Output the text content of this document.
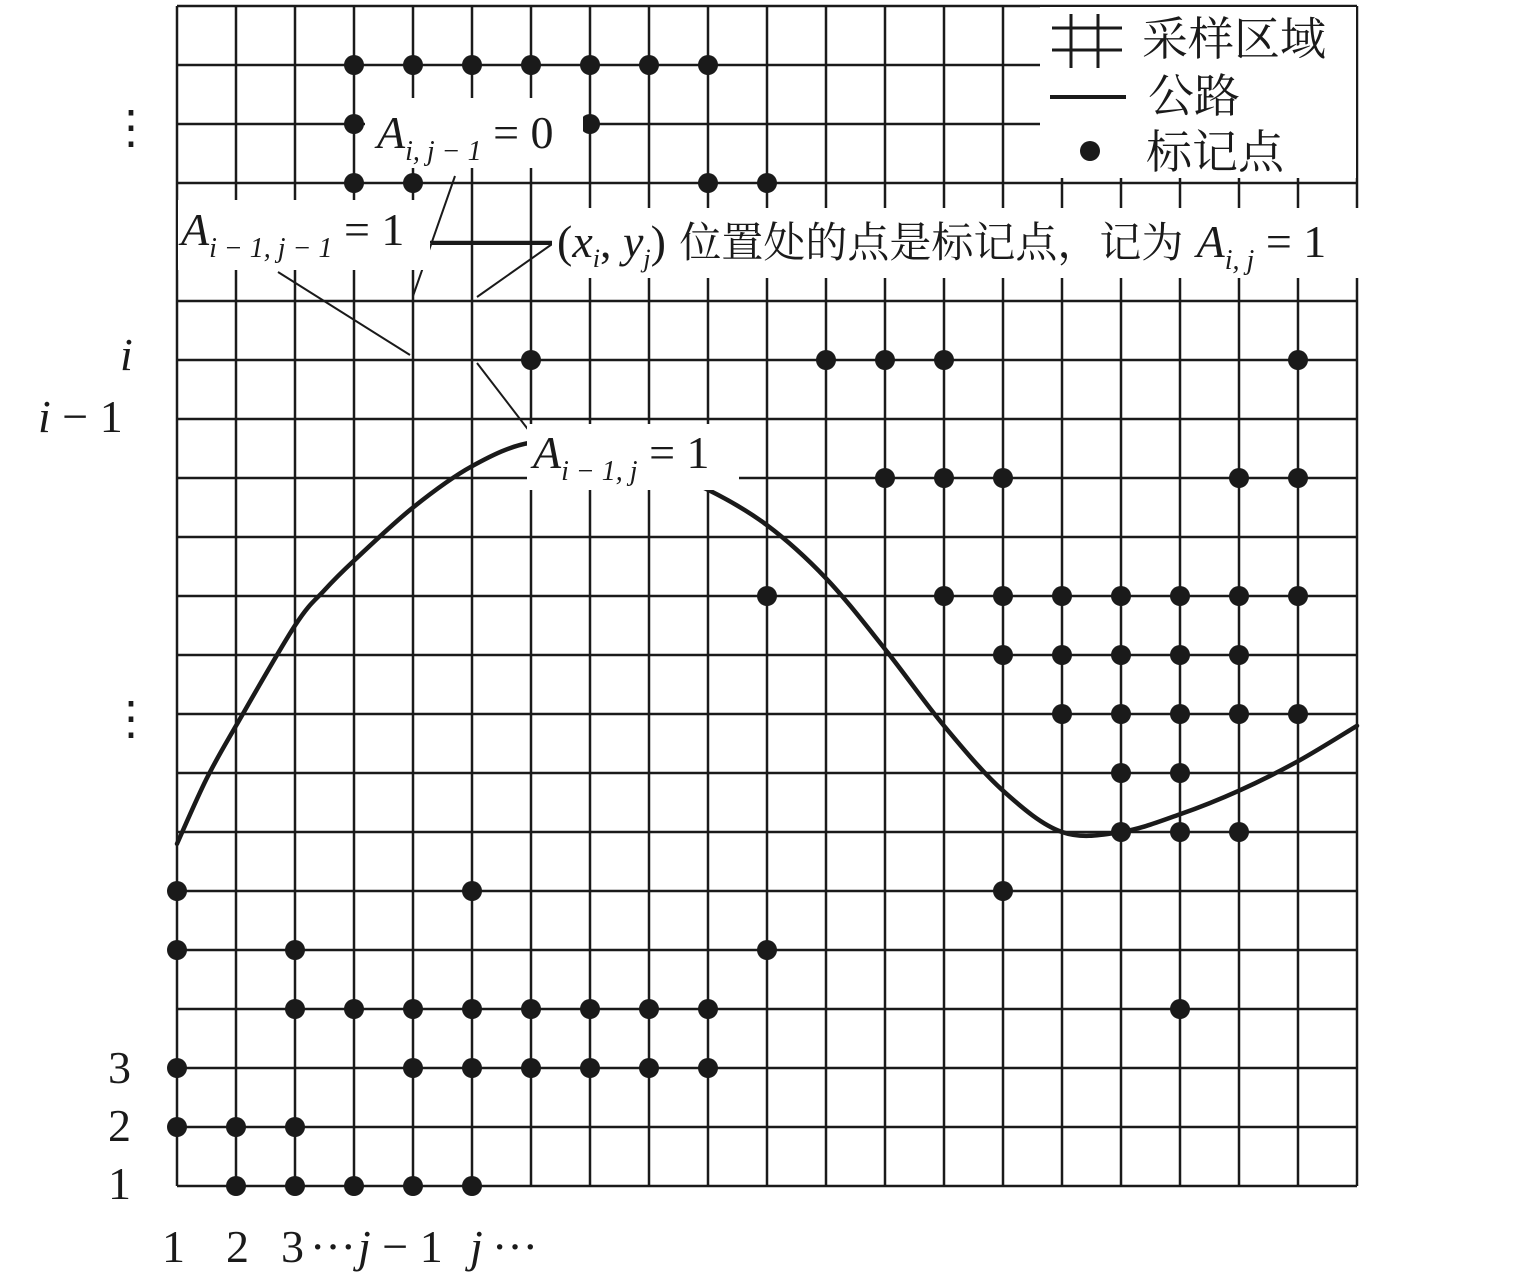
采样区域
公路
标记点
$A_{i, j - 1} = 0$
$A_{i - 1, j - 1} = 1$	($x_i$, $y_j$) 位置处的点是标记点，记为 $A_{i, j} = 1$
$A_{i - 1, j} = 1$
⋮
i
i − 1
⋮
3
2
1
1 2 3 ··· j − 1 j ···
